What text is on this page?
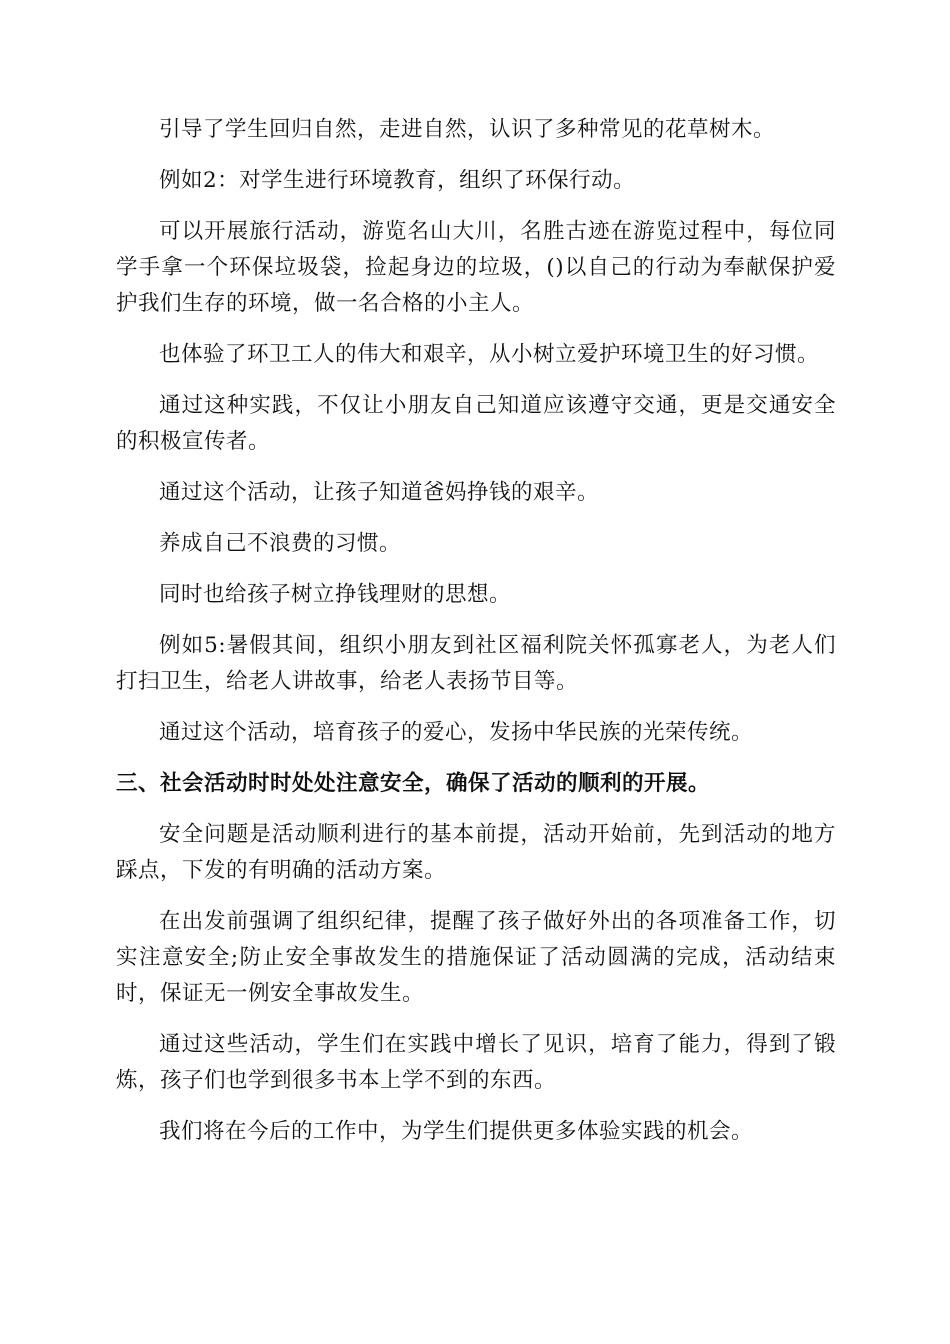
引导了学生回归自然，走进自然，认识了多种常见的花草树木。

例如2：对学生进行环境教育，组织了环保行动。

可以开展旅行活动，游览名山大川，名胜古迹在游览过程中，每位同学手拿一个环保垃圾袋，捡起身边的垃圾，()以自己的行动为奉献保护爱护我们生存的环境，做一名合格的小主人。

也体验了环卫工人的伟大和艰辛，从小树立爱护环境卫生的好习惯。

通过这种实践，不仅让小朋友自己知道应该遵守交通，更是交通安全的积极宣传者。

通过这个活动，让孩子知道爸妈挣钱的艰辛。

养成自己不浪费的习惯。

同时也给孩子树立挣钱理财的思想。

例如5:暑假其间，组织小朋友到社区福利院关怀孤寡老人，为老人们打扫卫生，给老人讲故事，给老人表扬节目等。

通过这个活动，培育孩子的爱心，发扬中华民族的光荣传统。

三、社会活动时时处处注意安全，确保了活动的顺利的开展。

安全问题是活动顺利进行的基本前提，活动开始前，先到活动的地方踩点，下发的有明确的活动方案。

在出发前强调了组织纪律，提醒了孩子做好外出的各项准备工作，切实注意安全;防止安全事故发生的措施保证了活动圆满的完成，活动结束时，保证无一例安全事故发生。

通过这些活动，学生们在实践中增长了见识，培育了能力，得到了锻炼，孩子们也学到很多书本上学不到的东西。

我们将在今后的工作中，为学生们提供更多体验实践的机会。
